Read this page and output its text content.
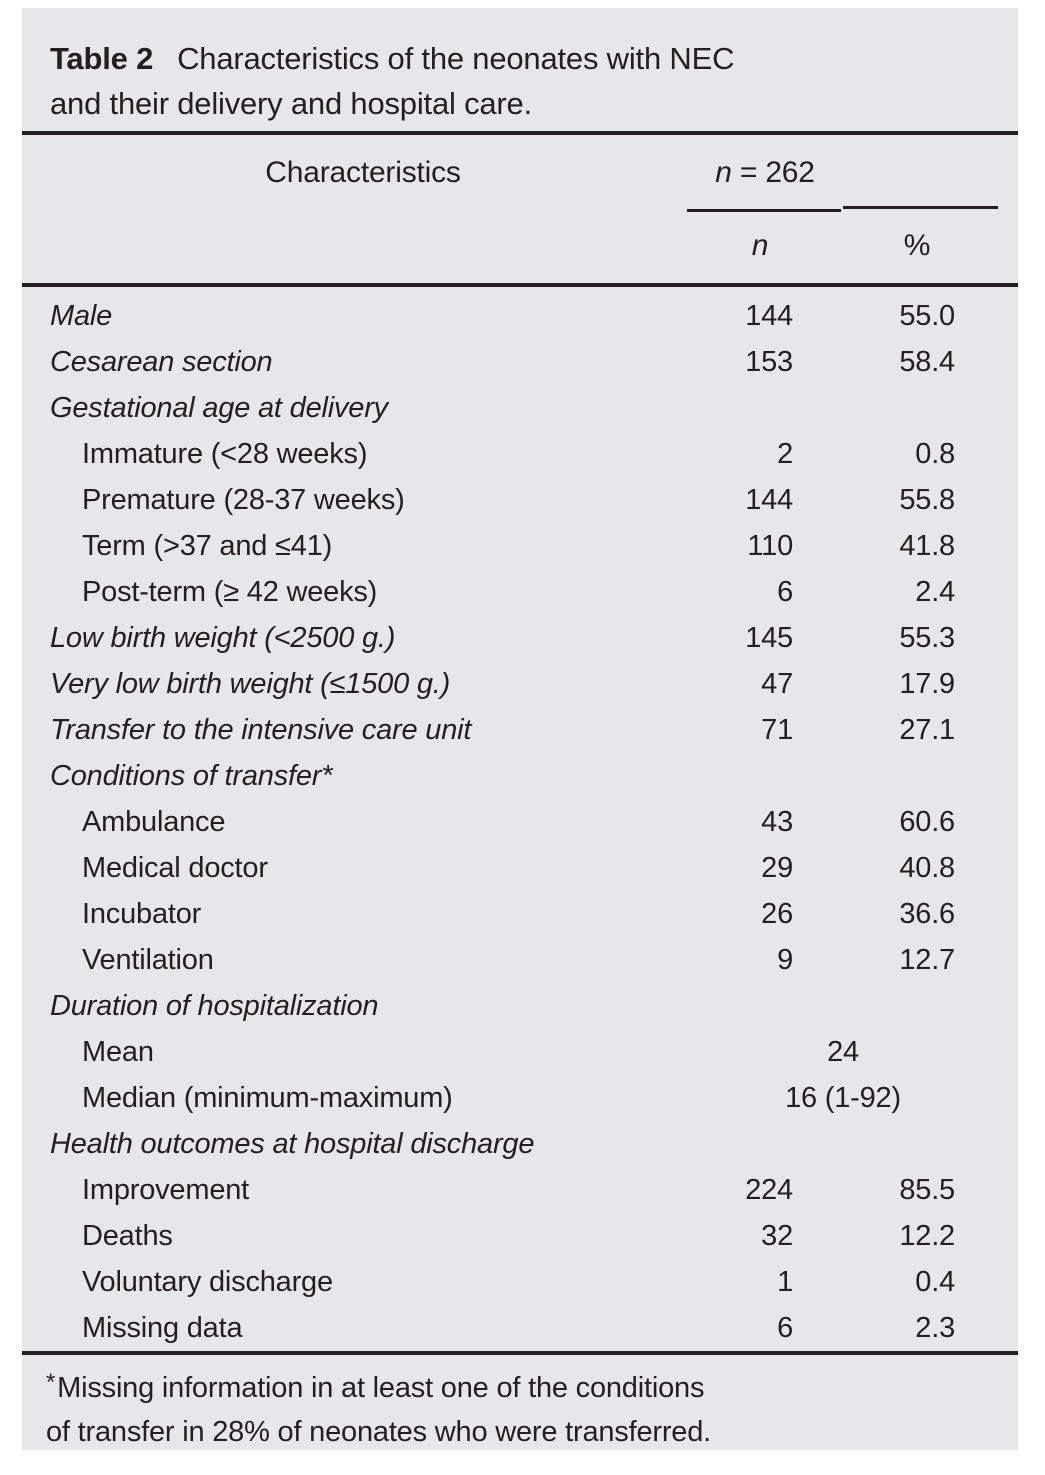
Table 2 Characteristics of the neonates with NEC
and their delivery and hospital care.
Characteristics	n = 262
n	%
Male	144	55.0
Cesarean section	153	58.4
Gestational age at delivery
Immature (<28 weeks)	2	0.8
Premature (28-37 weeks)	144	55.8
Term (>37 and ≤41)	110	41.8
Post-term (≥ 42 weeks)	6	2.4
Low birth weight (<2500 g.)	145	55.3
Very low birth weight (≤1500 g.)	47	17.9
Transfer to the intensive care unit	71	27.1
Conditions of transfer*
Ambulance	43	60.6
Medical doctor	29	40.8
Incubator	26	36.6
Ventilation	9	12.7
Duration of hospitalization
Mean	24
Median (minimum-maximum)	16 (1-92)
Health outcomes at hospital discharge
Improvement	224	85.5
Deaths	32	12.2
Voluntary discharge	1	0.4
Missing data	6	2.3
*Missing information in at least one of the conditions
of transfer in 28% of neonates who were transferred.
